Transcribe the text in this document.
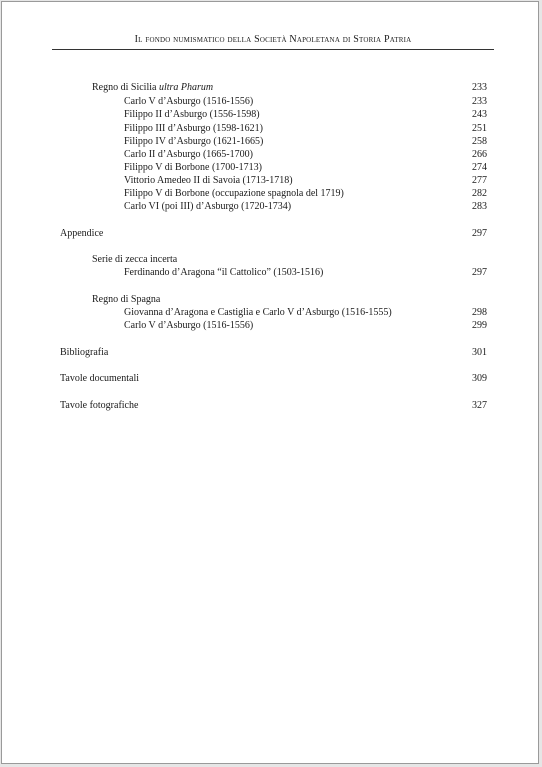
Il fondo numismatico della Società Napoletana di Storia Patria
Regno di Sicilia ultra Pharum	233
Carlo V d’Asburgo (1516-1556)	233
Filippo II d’Asburgo (1556-1598)	243
Filippo III d’Asburgo (1598-1621)	251
Filippo IV d’Asburgo (1621-1665)	258
Carlo II d’Asburgo (1665-1700)	266
Filippo V di Borbone (1700-1713)	274
Vittorio Amedeo II di Savoia (1713-1718)	277
Filippo V di Borbone (occupazione spagnola del 1719)	282
Carlo VI (poi III) d’Asburgo (1720-1734)	283
Appendice	297
Serie di zecca incerta
Ferdinando d’Aragona “il Cattolico” (1503-1516)	297
Regno di Spagna
Giovanna d’Aragona e Castiglia e Carlo V d’Asburgo (1516-1555)	298
Carlo V d’Asburgo (1516-1556)	299
Bibliografia	301
Tavole documentali	309
Tavole fotografiche	327
